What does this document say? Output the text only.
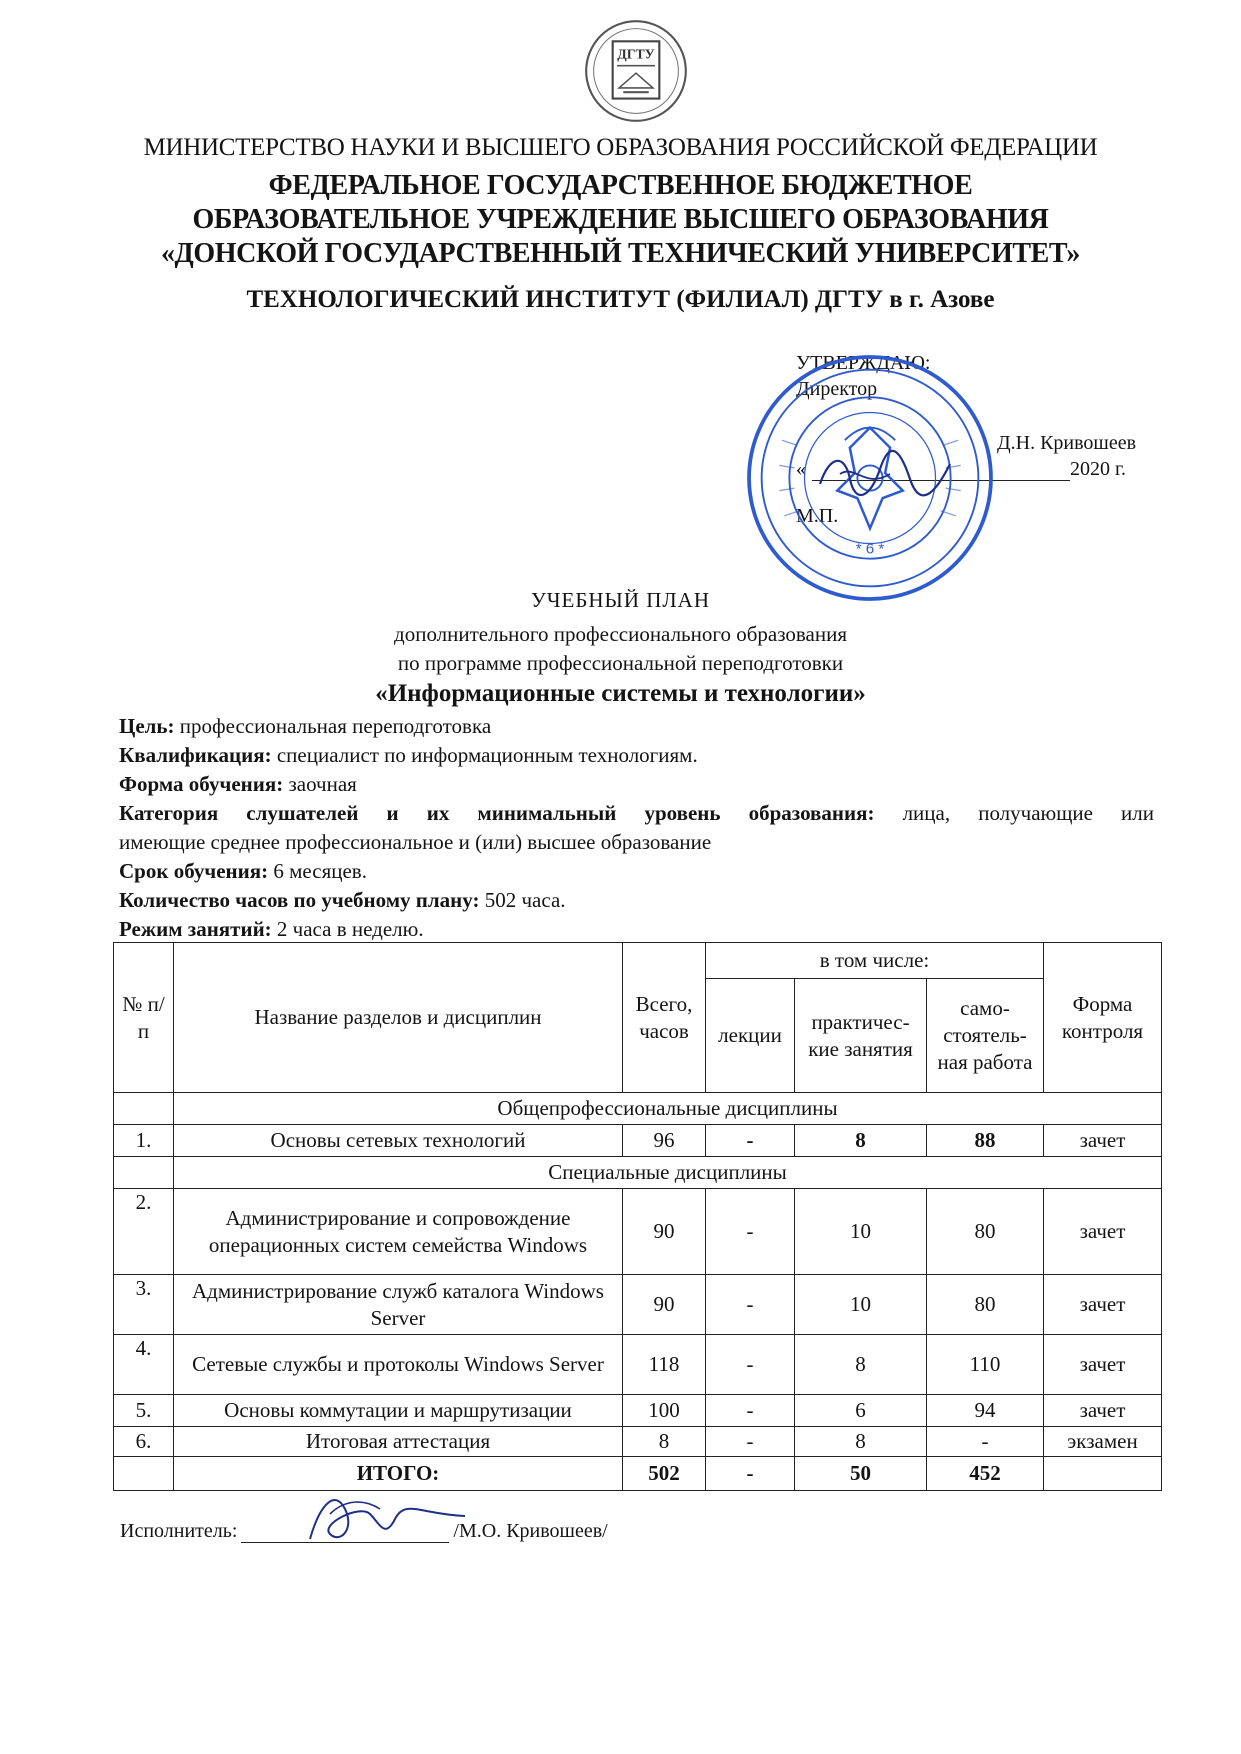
ДГТУ
МИНИСТЕРСТВО НАУКИ И ВЫСШЕГО ОБРАЗОВАНИЯ РОССИЙСКОЙ ФЕДЕРАЦИИ
ФЕДЕРАЛЬНОЕ ГОСУДАРСТВЕННОЕ БЮДЖЕТНОЕ
ОБРАЗОВАТЕЛЬНОЕ УЧРЕЖДЕНИЕ ВЫСШЕГО ОБРАЗОВАНИЯ
«ДОНСКОЙ ГОСУДАРСТВЕННЫЙ ТЕХНИЧЕСКИЙ УНИВЕРСИТЕТ»
ТЕХНОЛОГИЧЕСКИЙ ИНСТИТУТ (ФИЛИАЛ) ДГТУ в г. Азове
УТВЕРЖДАЮ:
Директор
Д.Н. Кривошеев
«	2020 г.
М.П.
* 6 *
УЧЕБНЫЙ ПЛАН
дополнительного профессионального образования
по программе профессиональной переподготовки
«Информационные системы и технологии»

Цель: профессиональная переподготовка

Квалификация: специалист по информационным технологиям.

Форма обучения: заочная

Категория слушателей и их минимальный уровень образования: лица, получающие или

имеющие среднее профессиональное и (или) высшее образование

Срок обучения: 6 месяцев.

Количество часов по учебному плану: 502 часа.

Режим занятий: 2 часа в неделю.

№ п/п	Название разделов и дисциплин	Всего, часов	в том числе:			Форма контроля
			лекции	практичес-кие занятия	само-стоятель-ная работа	
	Общепрофессиональные дисциплины					
1.	Основы сетевых технологий	96	-	8	88	зачет
	Специальные дисциплины					
2.	Администрирование и сопровождение операционных систем семейства Windows	90	-	10	80	зачет
3.	Администрирование служб каталога Windows Server	90	-	10	80	зачет
4.	Сетевые службы и протоколы Windows Server	118	-	8	110	зачет
5.	Основы коммутации и маршрутизации	100	-	6	94	зачет
6.	Итоговая аттестация	8	-	8	-	экзамен
	ИТОГО:	502	-	50	452	
Исполнитель:	/М.О. Кривошеев/
